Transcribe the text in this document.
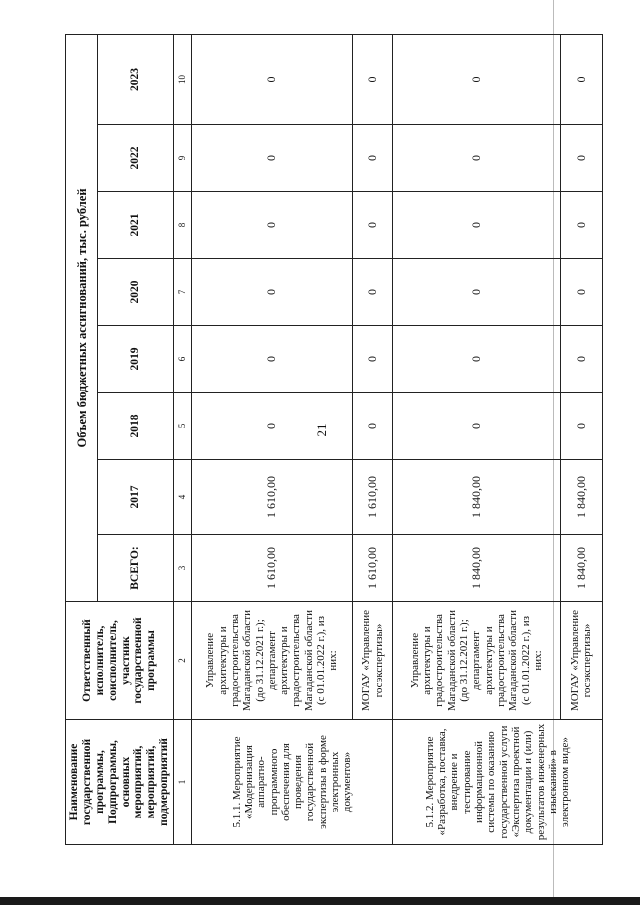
21
Наименование государственной программы, Подпрограммы, основных мероприятий, мероприятий, подмероприятий	Ответственный исполнитель, соисполнитель, участник государственной программы	Объем бюджетных ассигнований, тыс. рублей							
		ВСЕГО:	2017	2018	2019	2020	2021	2022	2023
1	2	3	4	5	6	7	8	9	10
5.1.1. Мероприятие «Модернизация аппаратно-программного обеспечения для проведения государственной экспертизы в форме электронных документов»	Управление архитектуры и градостроительства Магаданской области (до 31.12.2021 г.); департамент архитектуры и градостроительства Магаданской области (с 01.01.2022 г.), из них:	1 610,00	1 610,00	0	0	0	0	0	0
	МОГАУ «Управление госэкспертизы»	1 610,00	1 610,00	0	0	0	0	0	0
5.1.2. Мероприятие «Разработка, поставка, внедрение и тестирование информационной системы по оказанию государственной услуги «Экспертиза проектной документации и (или) результатов инженерных изысканий» в электронном виде»	Управление архитектуры и градостроительства Магаданской области (до 31.12.2021 г.); департамент архитектуры и градостроительства Магаданской области (с 01.01.2022 г.), из них:	1 840,00	1 840,00	0	0	0	0	0	0
	МОГАУ «Управление госэкспертизы»	1 840,00	1 840,00	0	0	0	0	0	0
